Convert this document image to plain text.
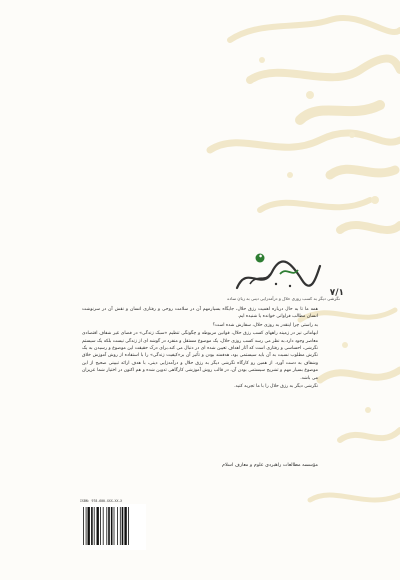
۷/۱
نگرشی دیگر به کسب روزی حلال و درآمدزایی دینی به زبان ساده

همه ما تا به حال درباره اهمیت رزق حلال، جایگاه بسیارمهم آن در سلامت روحی و رفتاری انسان و نقش آن در سرنوشت انسان مطالب فراوانی خوانده یا شنیده ایم.

به راستی چرا اینقدر به روزی حلال، سفارش شده است؟

ابهاماتی نیز در زمینه راههای کسب رزق حلال، قوانین مربوطه و چگونگی تنظیم «سبک زندگی» در فضای غیر شفاف اقتصادی معاصر وجود دارد.به نظر می رسد کسب روزی حلال، یک موضوع مستقل و منفرد در گوشه ای از زندگی نیست بلکه یک سیستم نگرشی، احساسی و رفتاری است که آثار اهداف تعیین شده ای در دنبال می کند.برای درک حقیقت این موضوع و رسیدن به یک نگرش مطلوب نسبت به آن باید سیستمی بود، هدفمند بودن و تأثیر آن بر«کیفیت زندگی» را با استفاده از روش آموزش خلاق وشفاف به دست آورد. از همین رو کارگاه نگرشی دیگر به رزق حلال و درآمدزایی دینی، با هدف ارائه تبیینی صحیح از این موضوع بسیار مهم و تشریح سیستمی بودن آن، در قالب روش آموزشی کارگاهی تدوین شده و هم اکنون در اختیار شما عزیزان می باشد.

نگرشی دیگر به رزق حلال را با ما تجربه کنید.

مؤسسه مطالعات راهبردی علوم و معارف اسلام
ISBN: 978-600-XXX-XX-X
